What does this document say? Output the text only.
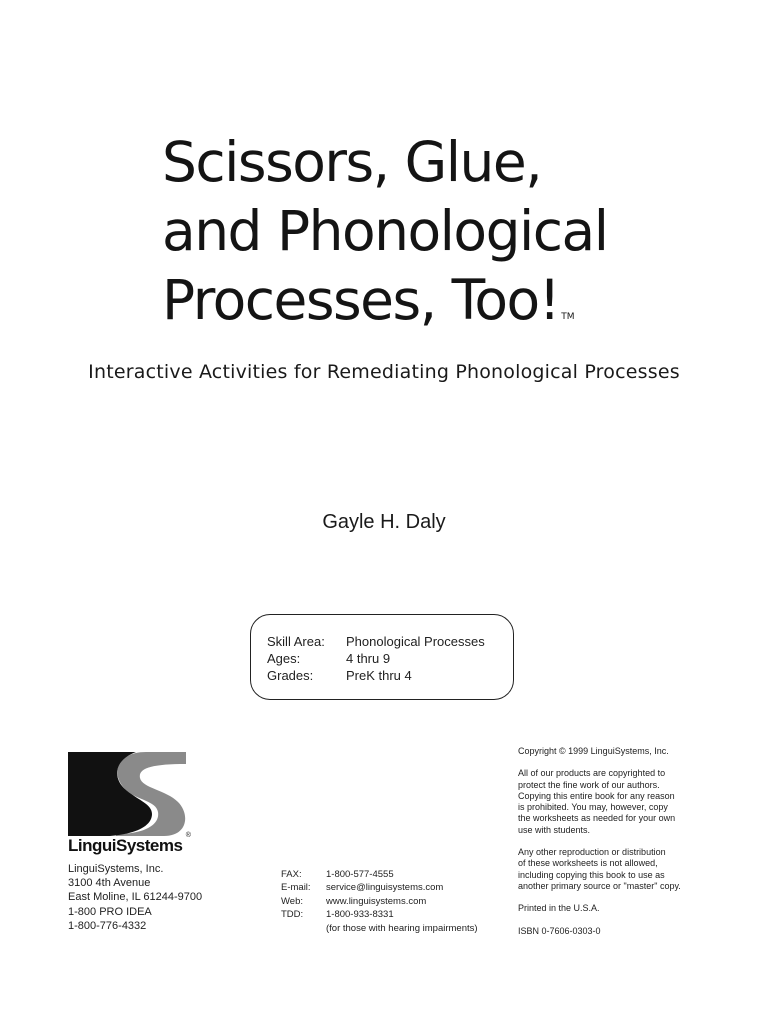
Scissors, Glue,
and Phonological
Processes, Too! TM
Interactive Activities for Remediating Phonological Processes
Gayle H. Daly
Skill Area: Phonological Processes
Ages:	4 thru 9
Grades:	PreK thru 4
LinguiSystems
®
LinguiSystems, Inc.
3100 4th Avenue
East Moline, IL 61244-9700
1-800 PRO IDEA
1-800-776-4332
FAX:	1-800-577-4555
E-mail: service@linguisystems.com
Web: www.linguisystems.com
TDD: 1-800-933-8331
(for those with hearing impairments)

Copyright © 1999 LinguiSystems, Inc.

All of our products are copyrighted to
protect the fine work of our authors.
Copying this entire book for any reason
is prohibited. You may, however, copy
the worksheets as needed for your own
use with students.

Any other reproduction or distribution
of these worksheets is not allowed,
including copying this book to use as
another primary source or "master" copy.

Printed in the U.S.A.

ISBN 0-7606-0303-0
